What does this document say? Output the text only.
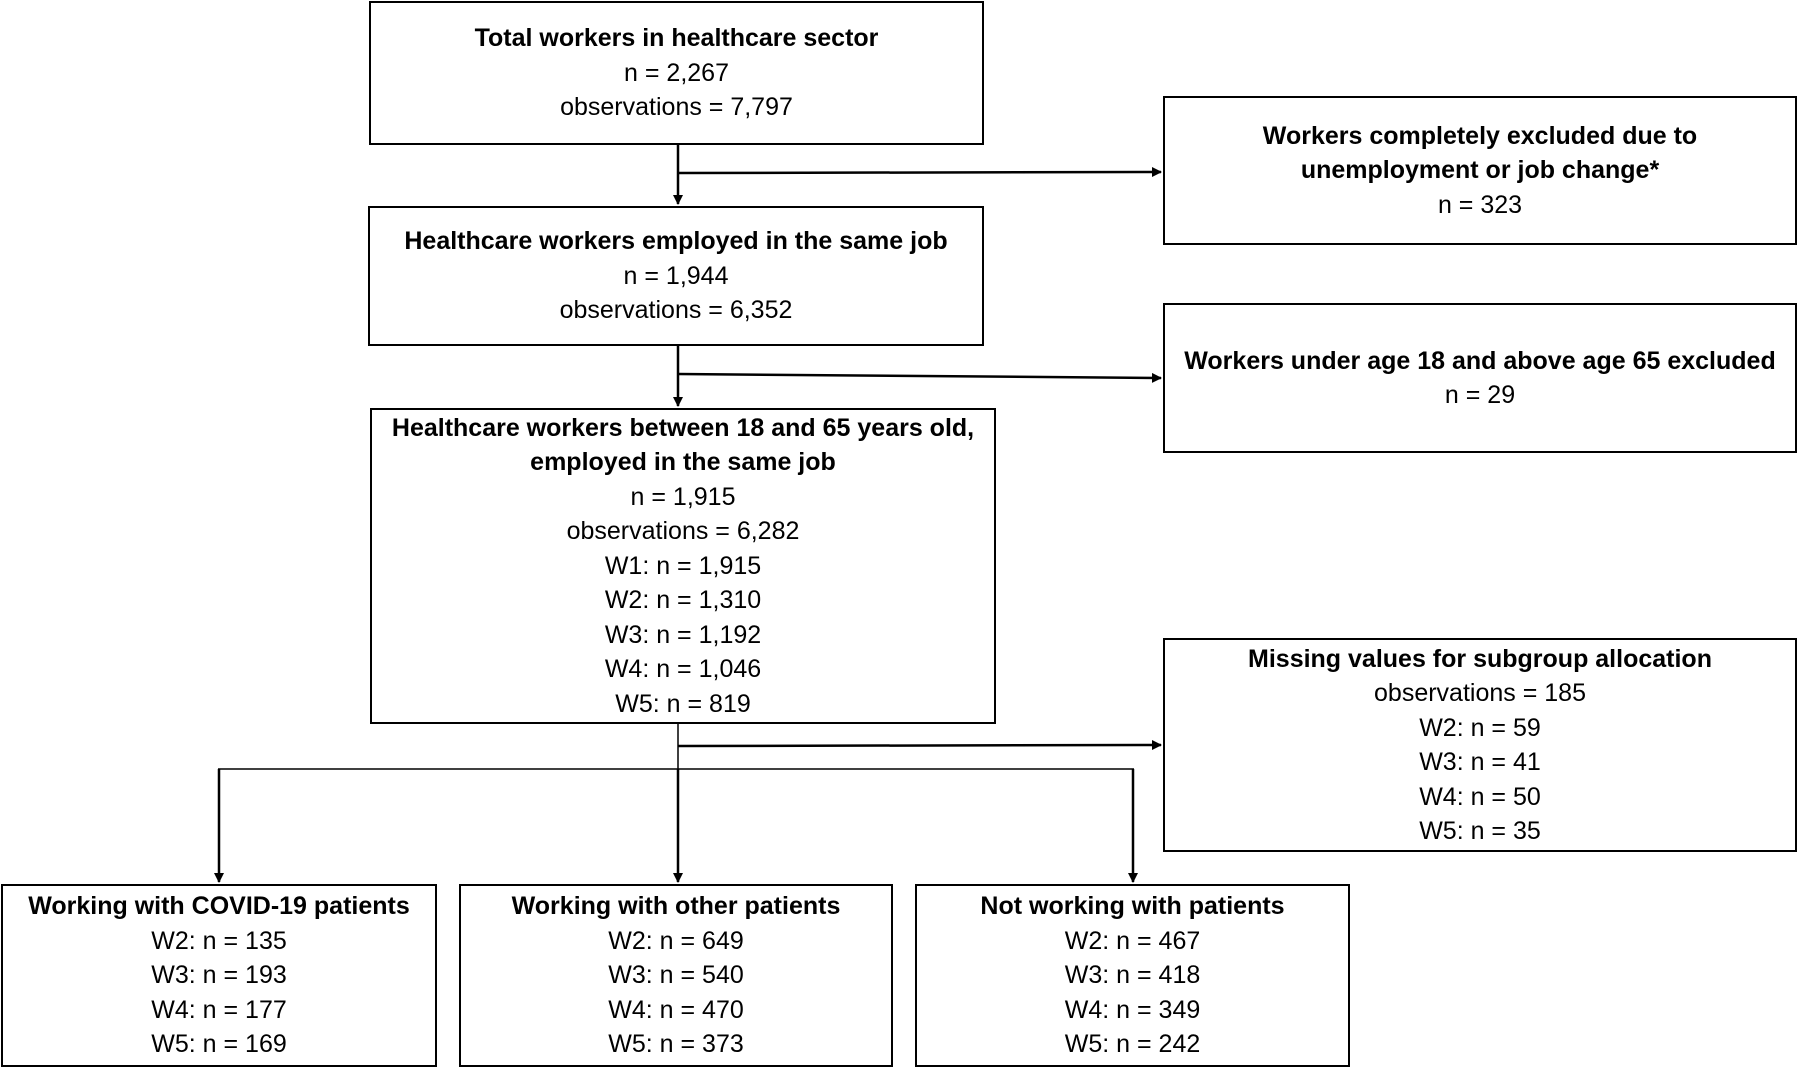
Total workers in healthcare sector
n = 2,267
observations = 7,797
Workers completely excluded due to
unemployment or job change*
n = 323
Healthcare workers employed in the same job
n = 1,944
observations = 6,352
Workers under age 18 and above age 65 excluded
n = 29
Healthcare workers between 18 and 65 years old,
employed in the same job
n = 1,915
observations = 6,282
W1: n = 1,915
W2: n = 1,310
W3: n = 1,192
W4: n = 1,046
W5: n = 819
Missing values for subgroup allocation
observations = 185
W2: n = 59
W3: n = 41
W4: n = 50
W5: n = 35
Working with COVID-19 patients
W2: n = 135
W3: n = 193
W4: n = 177
W5: n = 169
Working with other patients
W2: n = 649
W3: n = 540
W4: n = 470
W5: n = 373
Not working with patients
W2: n = 467
W3: n = 418
W4: n = 349
W5: n = 242
